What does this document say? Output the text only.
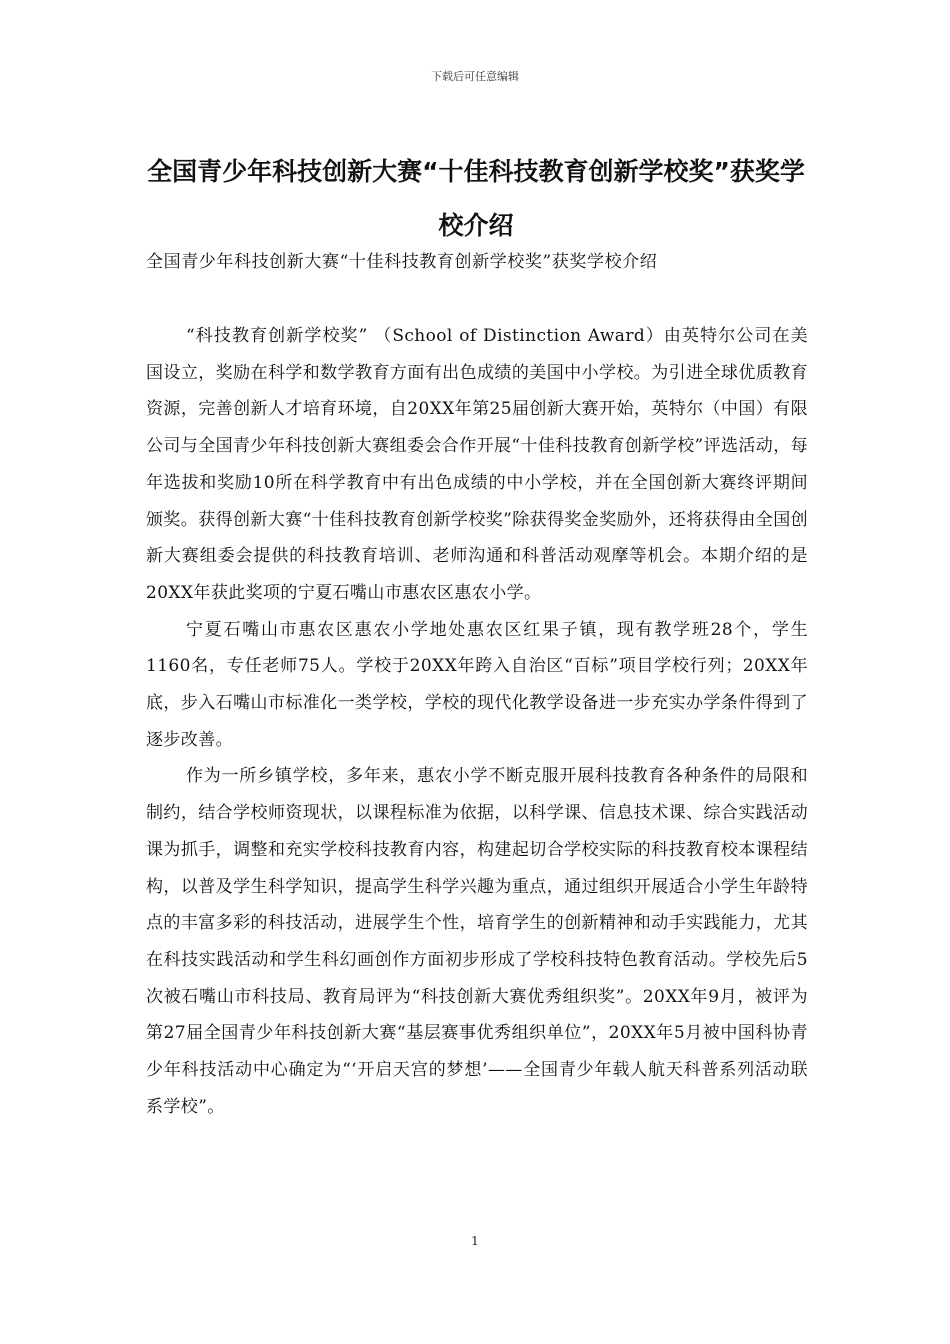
下载后可任意编辑
全国青少年科技创新大赛“十佳科技教育创新学校奖”获奖学校介绍
全国青少年科技创新大赛“十佳科技教育创新学校奖”获奖学校介绍

“科技教育创新学校奖” （School of Distinction Award）由英特尔公司在美国设立，奖励在科学和数学教育方面有出色成绩的美国中小学校。为引进全球优质教育资源，完善创新人才培育环境，自20XX年第25届创新大赛开始，英特尔（中国）有限公司与全国青少年科技创新大赛组委会合作开展“十佳科技教育创新学校”评选活动，每年选拔和奖励10所在科学教育中有出色成绩的中小学校，并在全国创新大赛终评期间颁奖。获得创新大赛“十佳科技教育创新学校奖”除获得奖金奖励外，还将获得由全国创新大赛组委会提供的科技教育培训、老师沟通和科普活动观摩等机会。本期介绍的是20XX年获此奖项的宁夏石嘴山市惠农区惠农小学。

宁夏石嘴山市惠农区惠农小学地处惠农区红果子镇，现有教学班28个，学生1160名，专任老师75人。学校于20XX年跨入自治区“百标”项目学校行列；20XX年底，步入石嘴山市标准化一类学校，学校的现代化教学设备进一步充实办学条件得到了逐步改善。

作为一所乡镇学校，多年来，惠农小学不断克服开展科技教育各种条件的局限和制约，结合学校师资现状，以课程标准为依据，以科学课、信息技术课、综合实践活动课为抓手，调整和充实学校科技教育内容，构建起切合学校实际的科技教育校本课程结构，以普及学生科学知识，提高学生科学兴趣为重点，通过组织开展适合小学生年龄特点的丰富多彩的科技活动，进展学生个性，培育学生的创新精神和动手实践能力，尤其在科技实践活动和学生科幻画创作方面初步形成了学校科技特色教育活动。学校先后5次被石嘴山市科技局、教育局评为“科技创新大赛优秀组织奖”。20XX年9月，被评为第27届全国青少年科技创新大赛“基层赛事优秀组织单位”，20XX年5月被中国科协青少年科技活动中心确定为“‘开启天宫的梦想’——全国青少年载人航天科普系列活动联系学校”。

1
